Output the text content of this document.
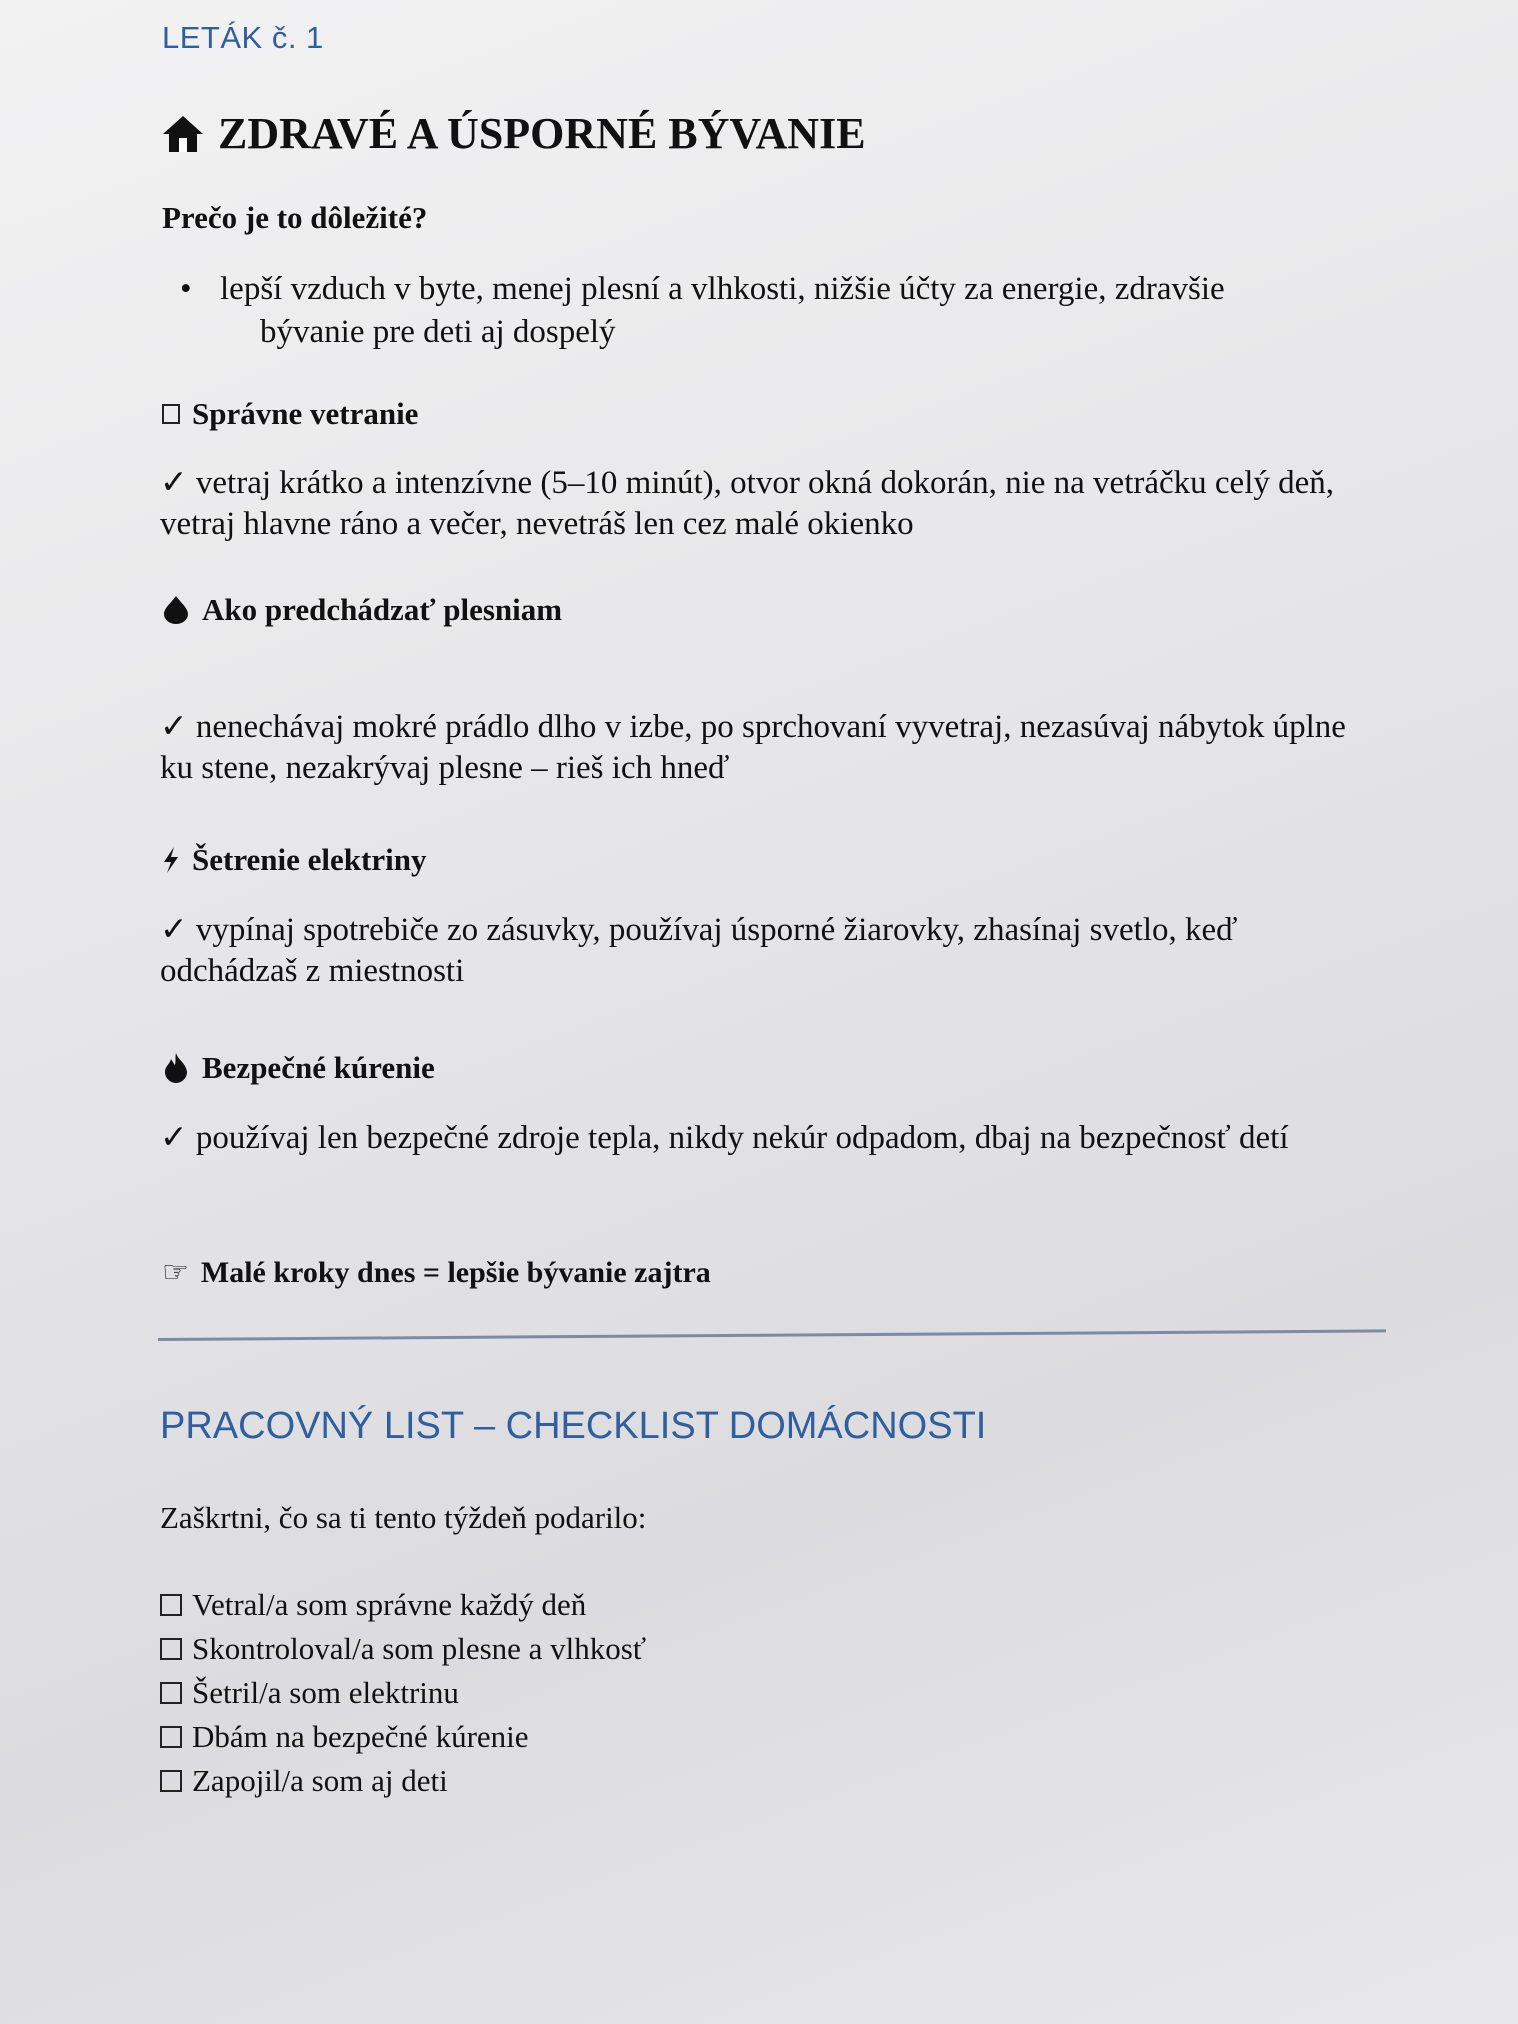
LETÁK č. 1
ZDRAVÉ A ÚSPORNÉ BÝVANIE
Prečo je to dôležité?
• lepší vzduch v byte, menej plesní a vlhkosti, nižšie účty za energie, zdravšie
bývanie pre deti aj dospelý
Správne vetranie
✓ vetraj krátko a intenzívne (5–10 minút), otvor okná dokorán, nie na vetráčku celý deň, vetraj hlavne ráno a večer, nevetráš len cez malé okienko
Ako predchádzať plesniam
✓ nenechávaj mokré prádlo dlho v izbe, po sprchovaní vyvetraj, nezasúvaj nábytok úplne ku stene, nezakrývaj plesne – rieš ich hneď
Šetrenie elektriny
✓ vypínaj spotrebiče zo zásuvky, používaj úsporné žiarovky, zhasínaj svetlo, keď odchádzaš z miestnosti
Bezpečné kúrenie
✓ používaj len bezpečné zdroje tepla, nikdy nekúr odpadom, dbaj na bezpečnosť detí
☞ Malé kroky dnes = lepšie bývanie zajtra
PRACOVNÝ LIST – CHECKLIST DOMÁCNOSTI
Zaškrtni, čo sa ti tento týždeň podarilo:
Vetral/a som správne každý deň
Skontroloval/a som plesne a vlhkosť
Šetril/a som elektrinu
Dbám na bezpečné kúrenie
Zapojil/a som aj deti
